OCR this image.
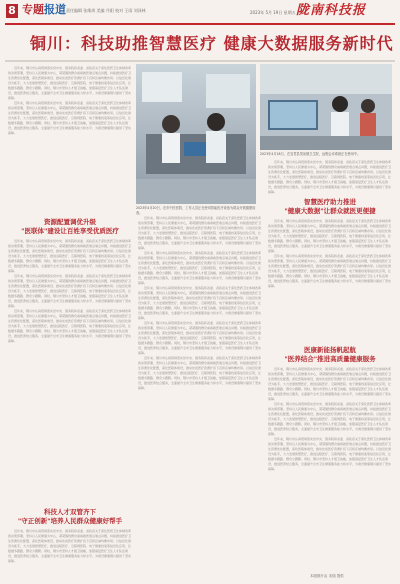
8 专题报道 责任编辑 张维周 美编 丹阳 校对 王雨 刘泽林	2023年 5月 19日 星期五 陇南科技报
铜川：科技助推智慧医疗 健康大数据服务新时代

近年来，铜川市认真贯彻落实党中央、国务院和省委、省政府关于深化医药卫生体制改革的决策部署，坚持以人民健康为中心，紧紧围绕群众看病就医难点堵点问题，持续推进医疗卫生资源优化配置，深化医联体建设，推动优质医疗资源扩容下沉和区域均衡布局。以信息化建设为抓手，大力发展智慧医疗，推进远程医疗、互联网医院、电子健康档案等信息化应用，让数据多跑路、群众少跑腿。同时，铜川市坚持人才强卫战略，加强基层医疗卫生人才队伍建设，推进医养结合服务，全面提升全市卫生健康服务能力和水平，为建设健康铜川提供了坚实保障。

近年来，铜川市认真贯彻落实党中央、国务院和省委、省政府关于深化医药卫生体制改革的决策部署，坚持以人民健康为中心，紧紧围绕群众看病就医难点堵点问题，持续推进医疗卫生资源优化配置，深化医联体建设，推动优质医疗资源扩容下沉和区域均衡布局。以信息化建设为抓手，大力发展智慧医疗，推进远程医疗、互联网医院、电子健康档案等信息化应用，让数据多跑路、群众少跑腿。同时，铜川市坚持人才强卫战略，加强基层医疗卫生人才队伍建设，推进医养结合服务，全面提升全市卫生健康服务能力和水平，为建设健康铜川提供了坚实保障。

2023年4月20日，在市中医医院，工作人员正在使用智能医疗设备为群众开展健康检查。
2023年4月18日，在宜君县哭泉镇卫生院，远程会诊系统正在使用中。

资源配置调优升级
"医联体"建设让百姓享受优质医疗

近年来，铜川市认真贯彻落实党中央、国务院和省委、省政府关于深化医药卫生体制改革的决策部署，坚持以人民健康为中心，紧紧围绕群众看病就医难点堵点问题，持续推进医疗卫生资源优化配置，深化医联体建设，推动优质医疗资源扩容下沉和区域均衡布局。以信息化建设为抓手，大力发展智慧医疗，推进远程医疗、互联网医院、电子健康档案等信息化应用，让数据多跑路、群众少跑腿。同时，铜川市坚持人才强卫战略，加强基层医疗卫生人才队伍建设，推进医养结合服务，全面提升全市卫生健康服务能力和水平，为建设健康铜川提供了坚实保障。

近年来，铜川市认真贯彻落实党中央、国务院和省委、省政府关于深化医药卫生体制改革的决策部署，坚持以人民健康为中心，紧紧围绕群众看病就医难点堵点问题，持续推进医疗卫生资源优化配置，深化医联体建设，推动优质医疗资源扩容下沉和区域均衡布局。以信息化建设为抓手，大力发展智慧医疗，推进远程医疗、互联网医院、电子健康档案等信息化应用，让数据多跑路、群众少跑腿。同时，铜川市坚持人才强卫战略，加强基层医疗卫生人才队伍建设，推进医养结合服务，全面提升全市卫生健康服务能力和水平，为建设健康铜川提供了坚实保障。

近年来，铜川市认真贯彻落实党中央、国务院和省委、省政府关于深化医药卫生体制改革的决策部署，坚持以人民健康为中心，紧紧围绕群众看病就医难点堵点问题，持续推进医疗卫生资源优化配置，深化医联体建设，推动优质医疗资源扩容下沉和区域均衡布局。以信息化建设为抓手，大力发展智慧医疗，推进远程医疗、互联网医院、电子健康档案等信息化应用，让数据多跑路、群众少跑腿。同时，铜川市坚持人才强卫战略，加强基层医疗卫生人才队伍建设，推进医养结合服务，全面提升全市卫生健康服务能力和水平，为建设健康铜川提供了坚实保障。

科技人才双管齐下
"守正创新"培养人民群众健康好帮手

近年来，铜川市认真贯彻落实党中央、国务院和省委、省政府关于深化医药卫生体制改革的决策部署，坚持以人民健康为中心，紧紧围绕群众看病就医难点堵点问题，持续推进医疗卫生资源优化配置，深化医联体建设，推动优质医疗资源扩容下沉和区域均衡布局。以信息化建设为抓手，大力发展智慧医疗，推进远程医疗、互联网医院、电子健康档案等信息化应用，让数据多跑路、群众少跑腿。同时，铜川市坚持人才强卫战略，加强基层医疗卫生人才队伍建设，推进医养结合服务，全面提升全市卫生健康服务能力和水平，为建设健康铜川提供了坚实保障。

近年来，铜川市认真贯彻落实党中央、国务院和省委、省政府关于深化医药卫生体制改革的决策部署，坚持以人民健康为中心，紧紧围绕群众看病就医难点堵点问题，持续推进医疗卫生资源优化配置，深化医联体建设，推动优质医疗资源扩容下沉和区域均衡布局。以信息化建设为抓手，大力发展智慧医疗，推进远程医疗、互联网医院、电子健康档案等信息化应用，让数据多跑路、群众少跑腿。同时，铜川市坚持人才强卫战略，加强基层医疗卫生人才队伍建设，推进医养结合服务，全面提升全市卫生健康服务能力和水平，为建设健康铜川提供了坚实保障。

近年来，铜川市认真贯彻落实党中央、国务院和省委、省政府关于深化医药卫生体制改革的决策部署，坚持以人民健康为中心，紧紧围绕群众看病就医难点堵点问题，持续推进医疗卫生资源优化配置，深化医联体建设，推动优质医疗资源扩容下沉和区域均衡布局。以信息化建设为抓手，大力发展智慧医疗，推进远程医疗、互联网医院、电子健康档案等信息化应用，让数据多跑路、群众少跑腿。同时，铜川市坚持人才强卫战略，加强基层医疗卫生人才队伍建设，推进医养结合服务，全面提升全市卫生健康服务能力和水平，为建设健康铜川提供了坚实保障。

近年来，铜川市认真贯彻落实党中央、国务院和省委、省政府关于深化医药卫生体制改革的决策部署，坚持以人民健康为中心，紧紧围绕群众看病就医难点堵点问题，持续推进医疗卫生资源优化配置，深化医联体建设，推动优质医疗资源扩容下沉和区域均衡布局。以信息化建设为抓手，大力发展智慧医疗，推进远程医疗、互联网医院、电子健康档案等信息化应用，让数据多跑路、群众少跑腿。同时，铜川市坚持人才强卫战略，加强基层医疗卫生人才队伍建设，推进医养结合服务，全面提升全市卫生健康服务能力和水平，为建设健康铜川提供了坚实保障。

近年来，铜川市认真贯彻落实党中央、国务院和省委、省政府关于深化医药卫生体制改革的决策部署，坚持以人民健康为中心，紧紧围绕群众看病就医难点堵点问题，持续推进医疗卫生资源优化配置，深化医联体建设，推动优质医疗资源扩容下沉和区域均衡布局。以信息化建设为抓手，大力发展智慧医疗，推进远程医疗、互联网医院、电子健康档案等信息化应用，让数据多跑路、群众少跑腿。同时，铜川市坚持人才强卫战略，加强基层医疗卫生人才队伍建设，推进医养结合服务，全面提升全市卫生健康服务能力和水平，为建设健康铜川提供了坚实保障。

近年来，铜川市认真贯彻落实党中央、国务院和省委、省政府关于深化医药卫生体制改革的决策部署，坚持以人民健康为中心，紧紧围绕群众看病就医难点堵点问题，持续推进医疗卫生资源优化配置，深化医联体建设，推动优质医疗资源扩容下沉和区域均衡布局。以信息化建设为抓手，大力发展智慧医疗，推进远程医疗、互联网医院、电子健康档案等信息化应用，让数据多跑路、群众少跑腿。同时，铜川市坚持人才强卫战略，加强基层医疗卫生人才队伍建设，推进医养结合服务，全面提升全市卫生健康服务能力和水平，为建设健康铜川提供了坚实保障。

近年来，铜川市认真贯彻落实党中央、国务院和省委、省政府关于深化医药卫生体制改革的决策部署，坚持以人民健康为中心，紧紧围绕群众看病就医难点堵点问题，持续推进医疗卫生资源优化配置，深化医联体建设，推动优质医疗资源扩容下沉和区域均衡布局。以信息化建设为抓手，大力发展智慧医疗，推进远程医疗、互联网医院、电子健康档案等信息化应用，让数据多跑路、群众少跑腿。同时，铜川市坚持人才强卫战略，加强基层医疗卫生人才队伍建设，推进医养结合服务，全面提升全市卫生健康服务能力和水平，为建设健康铜川提供了坚实保障。

智慧医疗助力推进
"健康大数据"让群众就医更便捷

近年来，铜川市认真贯彻落实党中央、国务院和省委、省政府关于深化医药卫生体制改革的决策部署，坚持以人民健康为中心，紧紧围绕群众看病就医难点堵点问题，持续推进医疗卫生资源优化配置，深化医联体建设，推动优质医疗资源扩容下沉和区域均衡布局。以信息化建设为抓手，大力发展智慧医疗，推进远程医疗、互联网医院、电子健康档案等信息化应用，让数据多跑路、群众少跑腿。同时，铜川市坚持人才强卫战略，加强基层医疗卫生人才队伍建设，推进医养结合服务，全面提升全市卫生健康服务能力和水平，为建设健康铜川提供了坚实保障。

近年来，铜川市认真贯彻落实党中央、国务院和省委、省政府关于深化医药卫生体制改革的决策部署，坚持以人民健康为中心，紧紧围绕群众看病就医难点堵点问题，持续推进医疗卫生资源优化配置，深化医联体建设，推动优质医疗资源扩容下沉和区域均衡布局。以信息化建设为抓手，大力发展智慧医疗，推进远程医疗、互联网医院、电子健康档案等信息化应用，让数据多跑路、群众少跑腿。同时，铜川市坚持人才强卫战略，加强基层医疗卫生人才队伍建设，推进医养结合服务，全面提升全市卫生健康服务能力和水平，为建设健康铜川提供了坚实保障。

医康新能扬帆起航
"医养结合"推进高质量健康服务

近年来，铜川市认真贯彻落实党中央、国务院和省委、省政府关于深化医药卫生体制改革的决策部署，坚持以人民健康为中心，紧紧围绕群众看病就医难点堵点问题，持续推进医疗卫生资源优化配置，深化医联体建设，推动优质医疗资源扩容下沉和区域均衡布局。以信息化建设为抓手，大力发展智慧医疗，推进远程医疗、互联网医院、电子健康档案等信息化应用，让数据多跑路、群众少跑腿。同时，铜川市坚持人才强卫战略，加强基层医疗卫生人才队伍建设，推进医养结合服务，全面提升全市卫生健康服务能力和水平，为建设健康铜川提供了坚实保障。

近年来，铜川市认真贯彻落实党中央、国务院和省委、省政府关于深化医药卫生体制改革的决策部署，坚持以人民健康为中心，紧紧围绕群众看病就医难点堵点问题，持续推进医疗卫生资源优化配置，深化医联体建设，推动优质医疗资源扩容下沉和区域均衡布局。以信息化建设为抓手，大力发展智慧医疗，推进远程医疗、互联网医院、电子健康档案等信息化应用，让数据多跑路、群众少跑腿。同时，铜川市坚持人才强卫战略，加强基层医疗卫生人才队伍建设，推进医养结合服务，全面提升全市卫生健康服务能力和水平，为建设健康铜川提供了坚实保障。

近年来，铜川市认真贯彻落实党中央、国务院和省委、省政府关于深化医药卫生体制改革的决策部署，坚持以人民健康为中心，紧紧围绕群众看病就医难点堵点问题，持续推进医疗卫生资源优化配置，深化医联体建设，推动优质医疗资源扩容下沉和区域均衡布局。以信息化建设为抓手，大力发展智慧医疗，推进远程医疗、互联网医院、电子健康档案等信息化应用，让数据多跑路、群众少跑腿。同时，铜川市坚持人才强卫战略，加强基层医疗卫生人才队伍建设，推进医养结合服务，全面提升全市卫生健康服务能力和水平，为建设健康铜川提供了坚实保障。

本版图片由 宋瑞 提供
